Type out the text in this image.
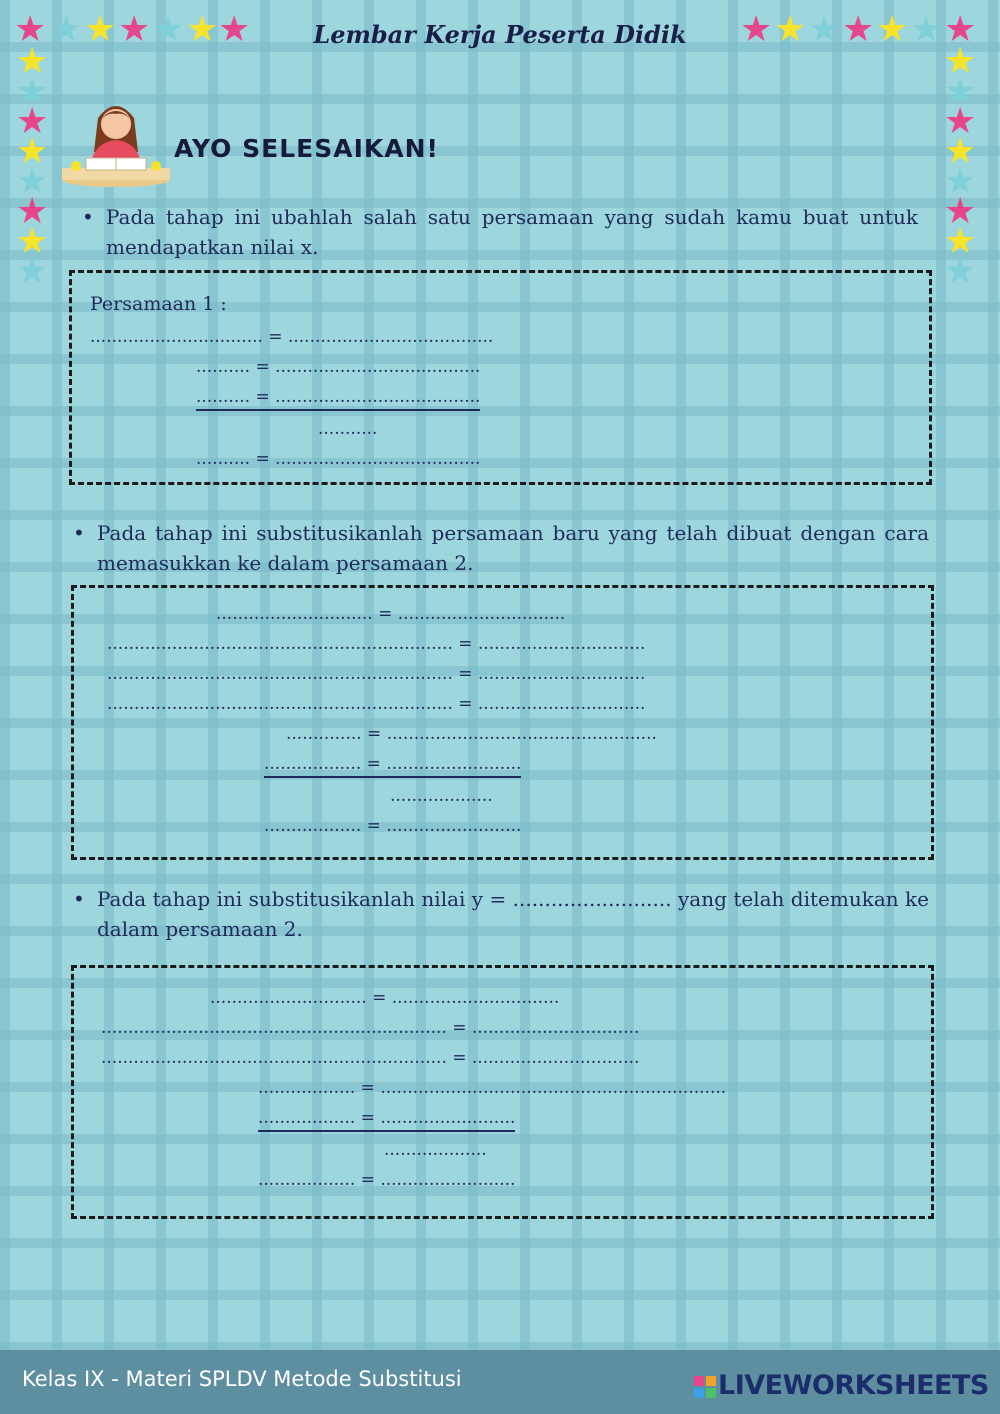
★ ★ ★ ★ ★ ★ ★
★
★
★
★
★
★
★
★
★ ★ ★ ★ ★ ★ ★
★
★
★
★
★
★
★
★
Lembar Kerja Peserta Didik
AYO SELESAIKAN!
• Pada tahap ini ubahlah salah satu persamaan yang sudah kamu buat untuk mendapatkan nilai x.
Persamaan 1 :
................................ = ......................................
.......... = ......................................
.......... = ......................................
...........
.......... = ......................................
• Pada tahap ini substitusikanlah persamaan baru yang telah dibuat dengan cara memasukkan ke dalam persamaan 2.
............................. = ...............................
................................................................ = ...............................
................................................................ = ...............................
................................................................ = ...............................
.............. = ..................................................
.................. = .........................
...................
.................. = .........................
• Pada tahap ini substitusikanlah nilai y = ......................... yang telah ditemukan ke dalam persamaan 2.
............................. = ...............................
................................................................ = ...............................
................................................................ = ...............................
.................. = ................................................................
.................. = .........................
...................
.................. = .........................
Kelas IX - Materi SPLDV Metode Substitusi	LIVEWORKSHEETS
